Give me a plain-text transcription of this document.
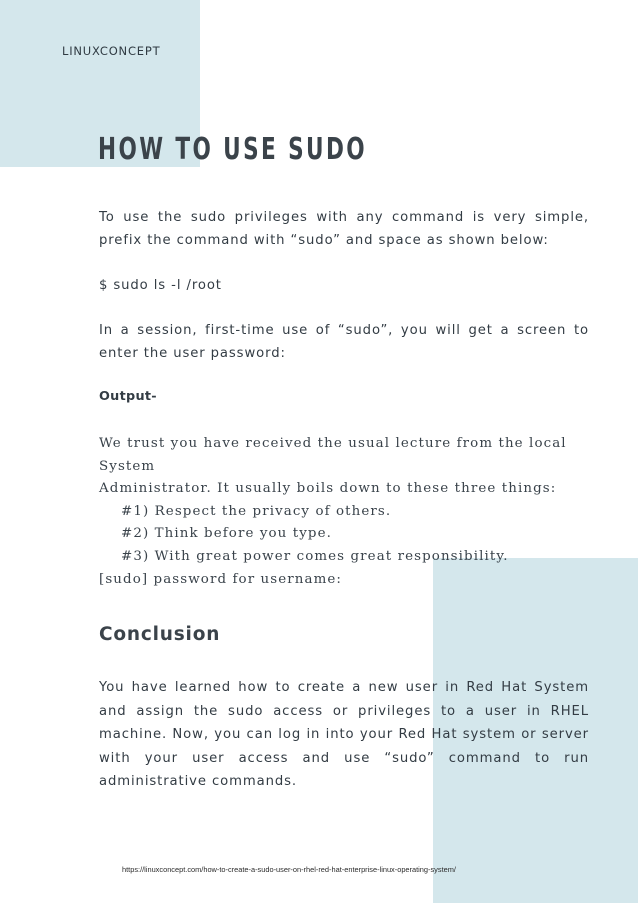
LINUXCONCEPT
HOW TO USE SUDO

To use the sudo privileges with any command is very simple, prefix the command with “sudo” and space as shown below:

$ sudo ls -l /root

In a session, first-time use of “sudo”, you will get a screen to enter the user password:

Output-
We trust you have received the usual lecture from the local
System
Administrator. It usually boils down to these three things:
#1) Respect the privacy of others.
#2) Think before you type.
#3) With great power comes great responsibility.
[sudo] password for username:
Conclusion

You have learned how to create a new user in Red Hat System and assign the sudo access or privileges to a user in RHEL machine. Now, you can log in into your Red Hat system or server with your user access and use “sudo” command to run administrative commands.

https://linuxconcept.com/how-to-create-a-sudo-user-on-rhel-red-hat-enterprise-linux-operating-system/
